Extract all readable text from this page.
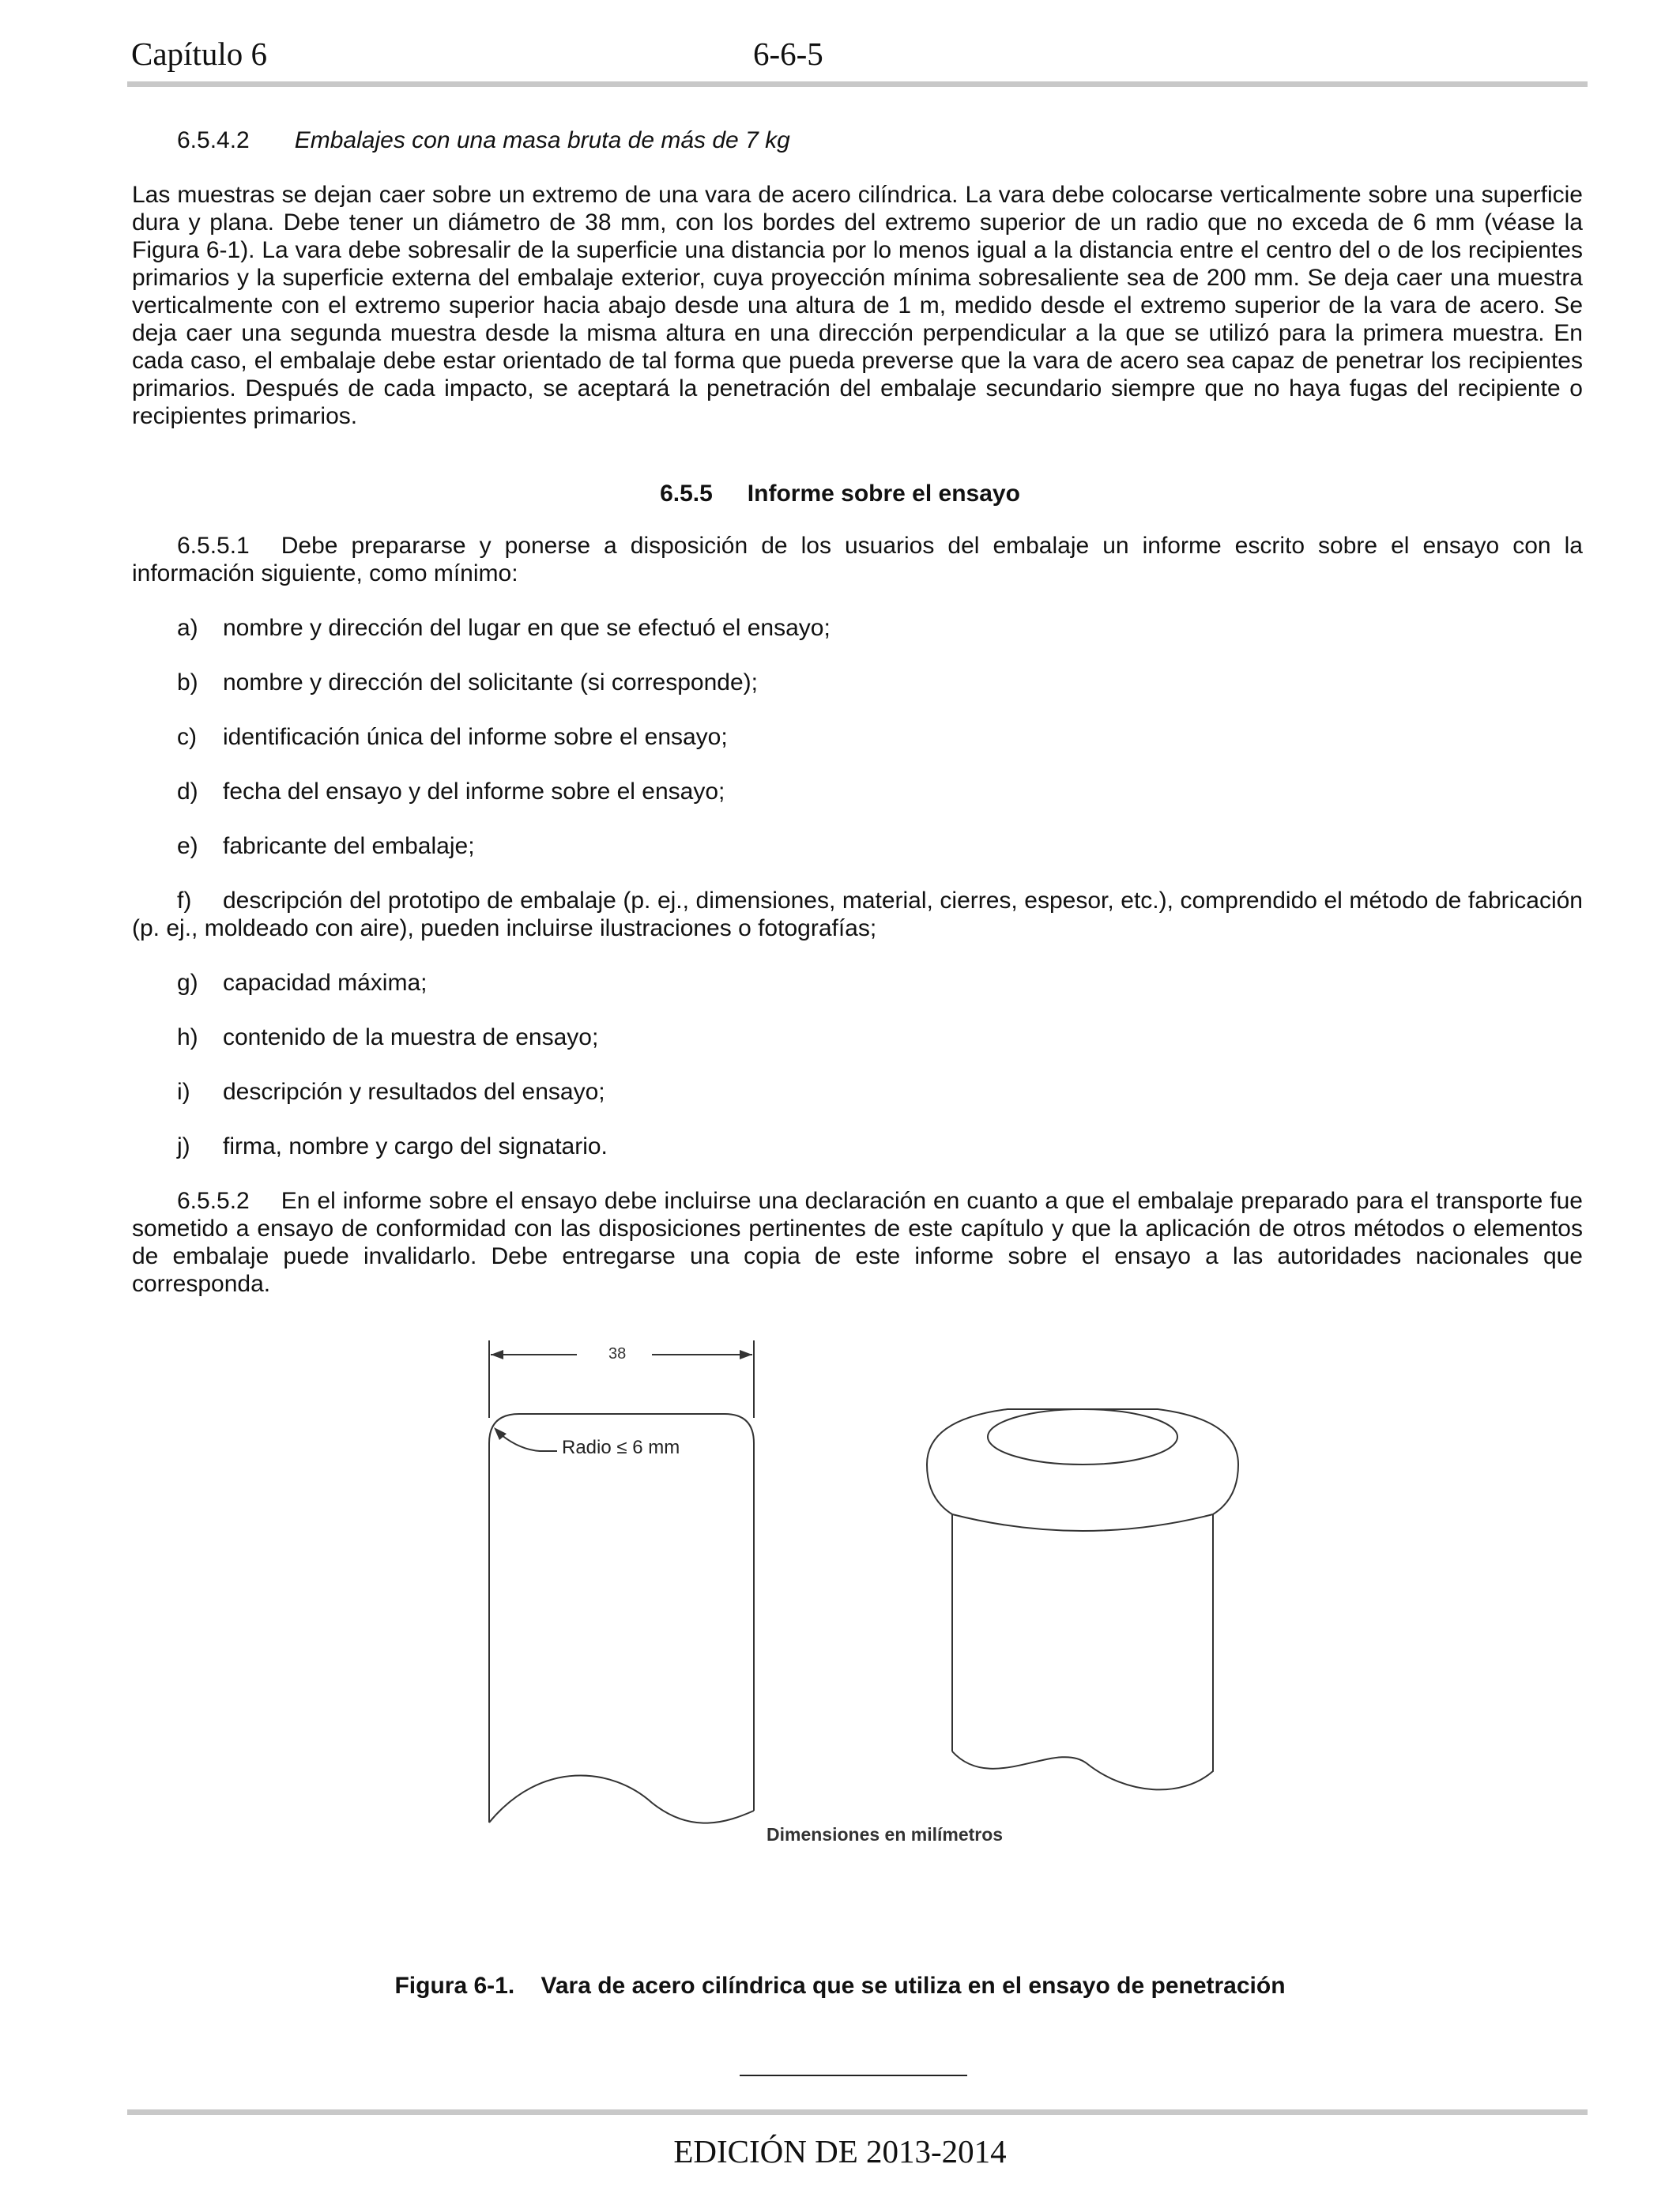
Capítulo 6	6-6-5
6.5.4.2 Embalajes con una masa bruta de más de 7 kg
Las muestras se dejan caer sobre un extremo de una vara de acero cilíndrica. La vara debe colocarse verticalmente sobre una superficie dura y plana. Debe tener un diámetro de 38 mm, con los bordes del extremo superior de un radio que no exceda de 6 mm (véase la Figura 6-1). La vara debe sobresalir de la superficie una distancia por lo menos igual a la distancia entre el centro del o de los recipientes primarios y la superficie externa del embalaje exterior, cuya proyección mínima sobresaliente sea de 200 mm. Se deja caer una muestra verticalmente con el extremo superior hacia abajo desde una altura de 1 m, medido desde el extremo superior de la vara de acero. Se deja caer una segunda muestra desde la misma altura en una dirección perpendicular a la que se utilizó para la primera muestra. En cada caso, el embalaje debe estar orientado de tal forma que pueda preverse que la vara de acero sea capaz de penetrar los recipientes primarios. Después de cada impacto, se aceptará la penetración del embalaje secundario siempre que no haya fugas del recipiente o recipientes primarios.
6.5.5 Informe sobre el ensayo
6.5.5.1 Debe prepararse y ponerse a disposición de los usuarios del embalaje un informe escrito sobre el ensayo con la información siguiente, como mínimo:
a) nombre y dirección del lugar en que se efectuó el ensayo;
b) nombre y dirección del solicitante (si corresponde);
c) identificación única del informe sobre el ensayo;
d) fecha del ensayo y del informe sobre el ensayo;
e) fabricante del embalaje;
f) descripción del prototipo de embalaje (p. ej., dimensiones, material, cierres, espesor, etc.), comprendido el método de fabricación (p. ej., moldeado con aire), pueden incluirse ilustraciones o fotografías;
g) capacidad máxima;
h) contenido de la muestra de ensayo;
i) descripción y resultados del ensayo;
j) firma, nombre y cargo del signatario.
6.5.5.2 En el informe sobre el ensayo debe incluirse una declaración en cuanto a que el embalaje preparado para el transporte fue sometido a ensayo de conformidad con las disposiciones pertinentes de este capítulo y que la aplicación de otros métodos o elementos de embalaje puede invalidarlo. Debe entregarse una copia de este informe sobre el ensayo a las autoridades nacionales que corresponda.
38
Radio ≤ 6 mm
Dimensiones en milímetros
Figura 6-1.    Vara de acero cilíndrica que se utiliza en el ensayo de penetración
EDICIÓN DE 2013-2014
